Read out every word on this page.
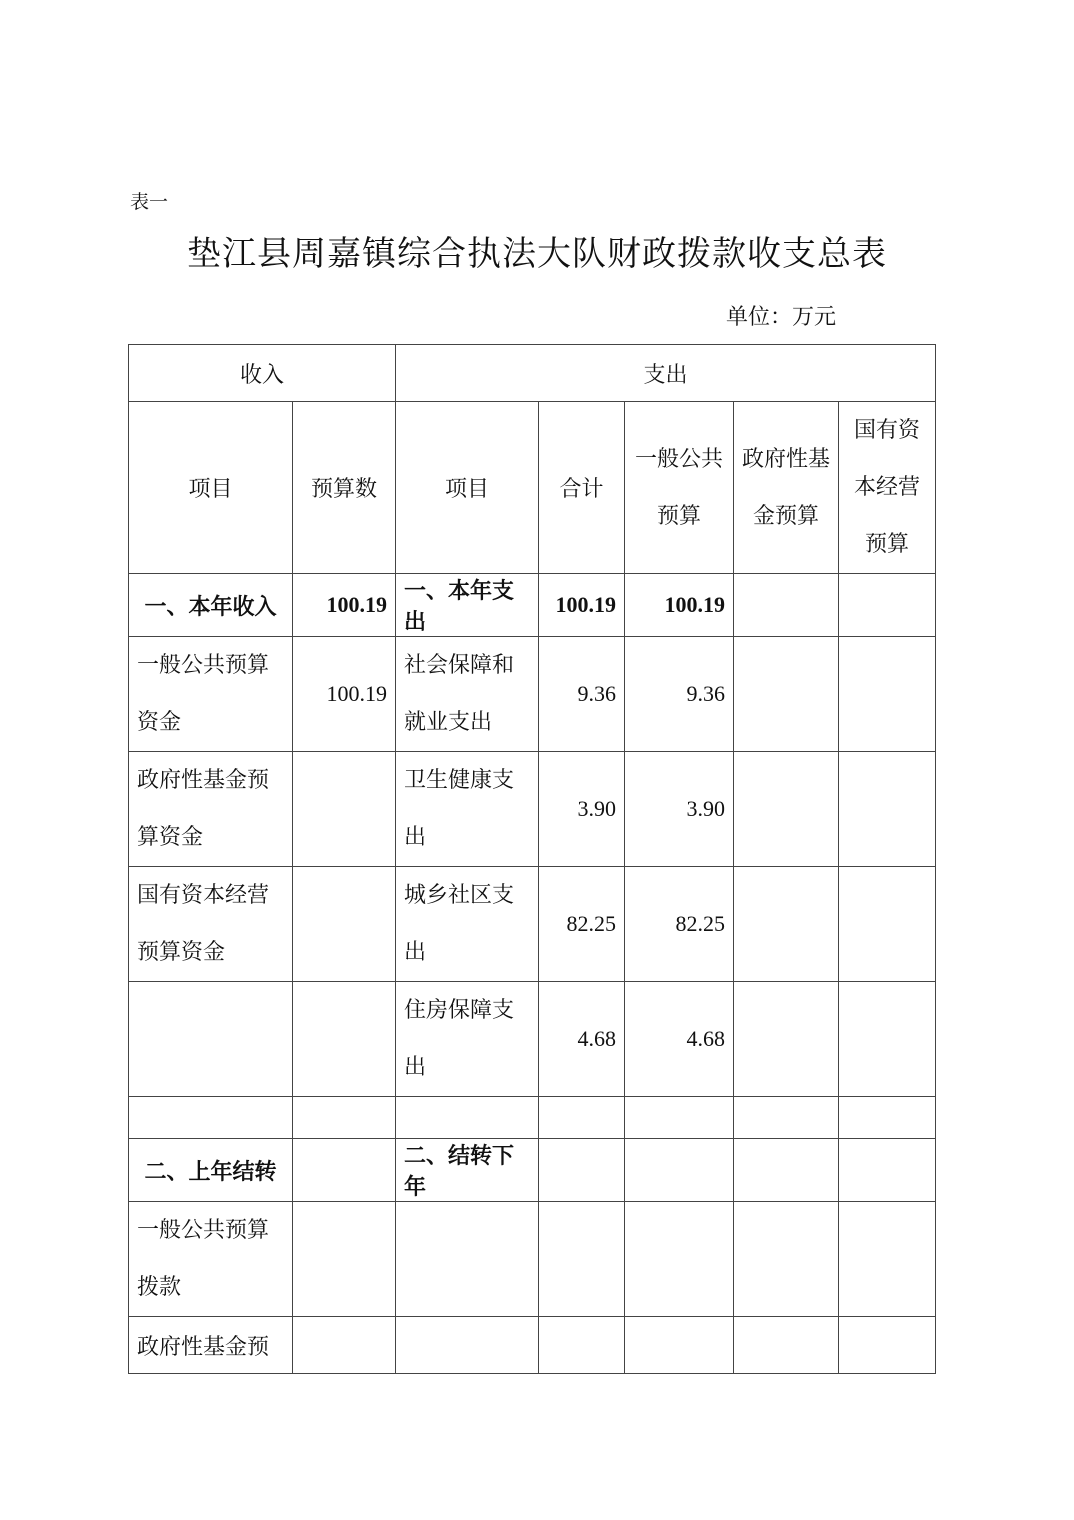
表一
垫江县周嘉镇综合执法大队财政拨款收支总表
单位：万元
收入		支出				
项目	预算数	项目	合计	一般公共预算	政府性基金预算	国有资本经营预算
一、本年收入	100.19	一、本年支出	100.19	100.19		
一般公共预算资金	100.19	社会保障和就业支出	9.36	9.36		
政府性基金预算资金		卫生健康支出	3.90	3.90		
国有资本经营预算资金		城乡社区支出	82.25	82.25		
		住房保障支出	4.68	4.68		

二、上年结转		二、结转下年				
一般公共预算拨款						
政府性基金预						
